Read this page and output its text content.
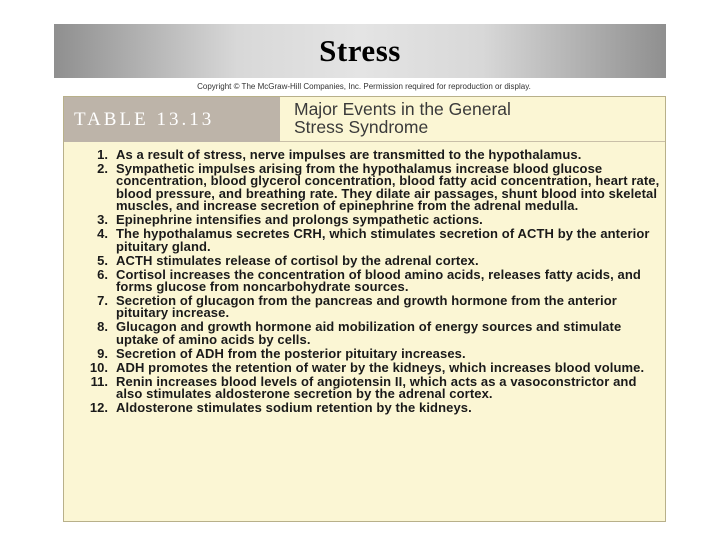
Stress
Copyright © The McGraw-Hill Companies, Inc. Permission required for reproduction or display.
TABLE 13.13	Major Events in the General
Stress Syndrome
1. As a result of stress, nerve impulses are transmitted to the hypothalamus.
2. Sympathetic impulses arising from the hypothalamus increase blood glucose concentration, blood glycerol concentration, blood fatty acid concentration, heart rate, blood pressure, and breathing rate. They dilate air passages, shunt blood into skeletal muscles, and increase secretion of epinephrine from the adrenal medulla.
3. Epinephrine intensifies and prolongs sympathetic actions.
4. The hypothalamus secretes CRH, which stimulates secretion of ACTH by the anterior pituitary gland.
5. ACTH stimulates release of cortisol by the adrenal cortex.
6. Cortisol increases the concentration of blood amino acids, releases fatty acids, and forms glucose from noncarbohydrate sources.
7. Secretion of glucagon from the pancreas and growth hormone from the anterior pituitary increase.
8. Glucagon and growth hormone aid mobilization of energy sources and stimulate uptake of amino acids by cells.
9. Secretion of ADH from the posterior pituitary increases.
10. ADH promotes the retention of water by the kidneys, which increases blood volume.
11. Renin increases blood levels of angiotensin II, which acts as a vasoconstrictor and also stimulates aldosterone secretion by the adrenal cortex.
12. Aldosterone stimulates sodium retention by the kidneys.
